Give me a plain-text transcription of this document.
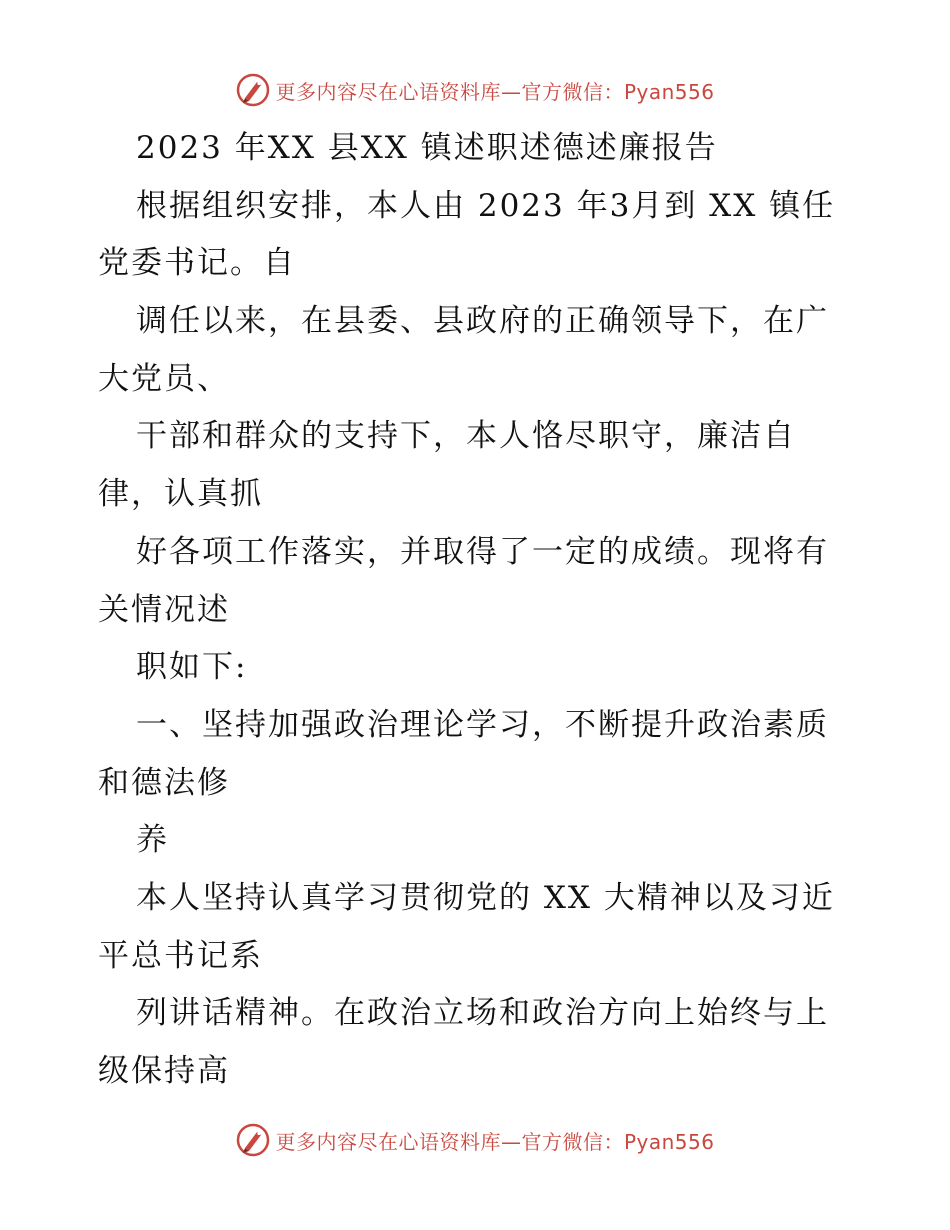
更多内容尽在心语资料库—官方微信：Pyan556
2023 年XX 县XX 镇述职述德述廉报告
根据组织安排，本人由 2023 年3月到 XX 镇任
党委书记。自
调任以来，在县委、县政府的正确领导下，在广
大党员、
干部和群众的支持下，本人恪尽职守，廉洁自
律，认真抓
好各项工作落实，并取得了一定的成绩。现将有
关情况述
职如下:
一、坚持加强政治理论学习，不断提升政治素质
和德法修
养
本人坚持认真学习贯彻党的 XX 大精神以及习近
平总书记系
列讲话精神。在政治立场和政治方向上始终与上
级保持高
更多内容尽在心语资料库—官方微信：Pyan556
